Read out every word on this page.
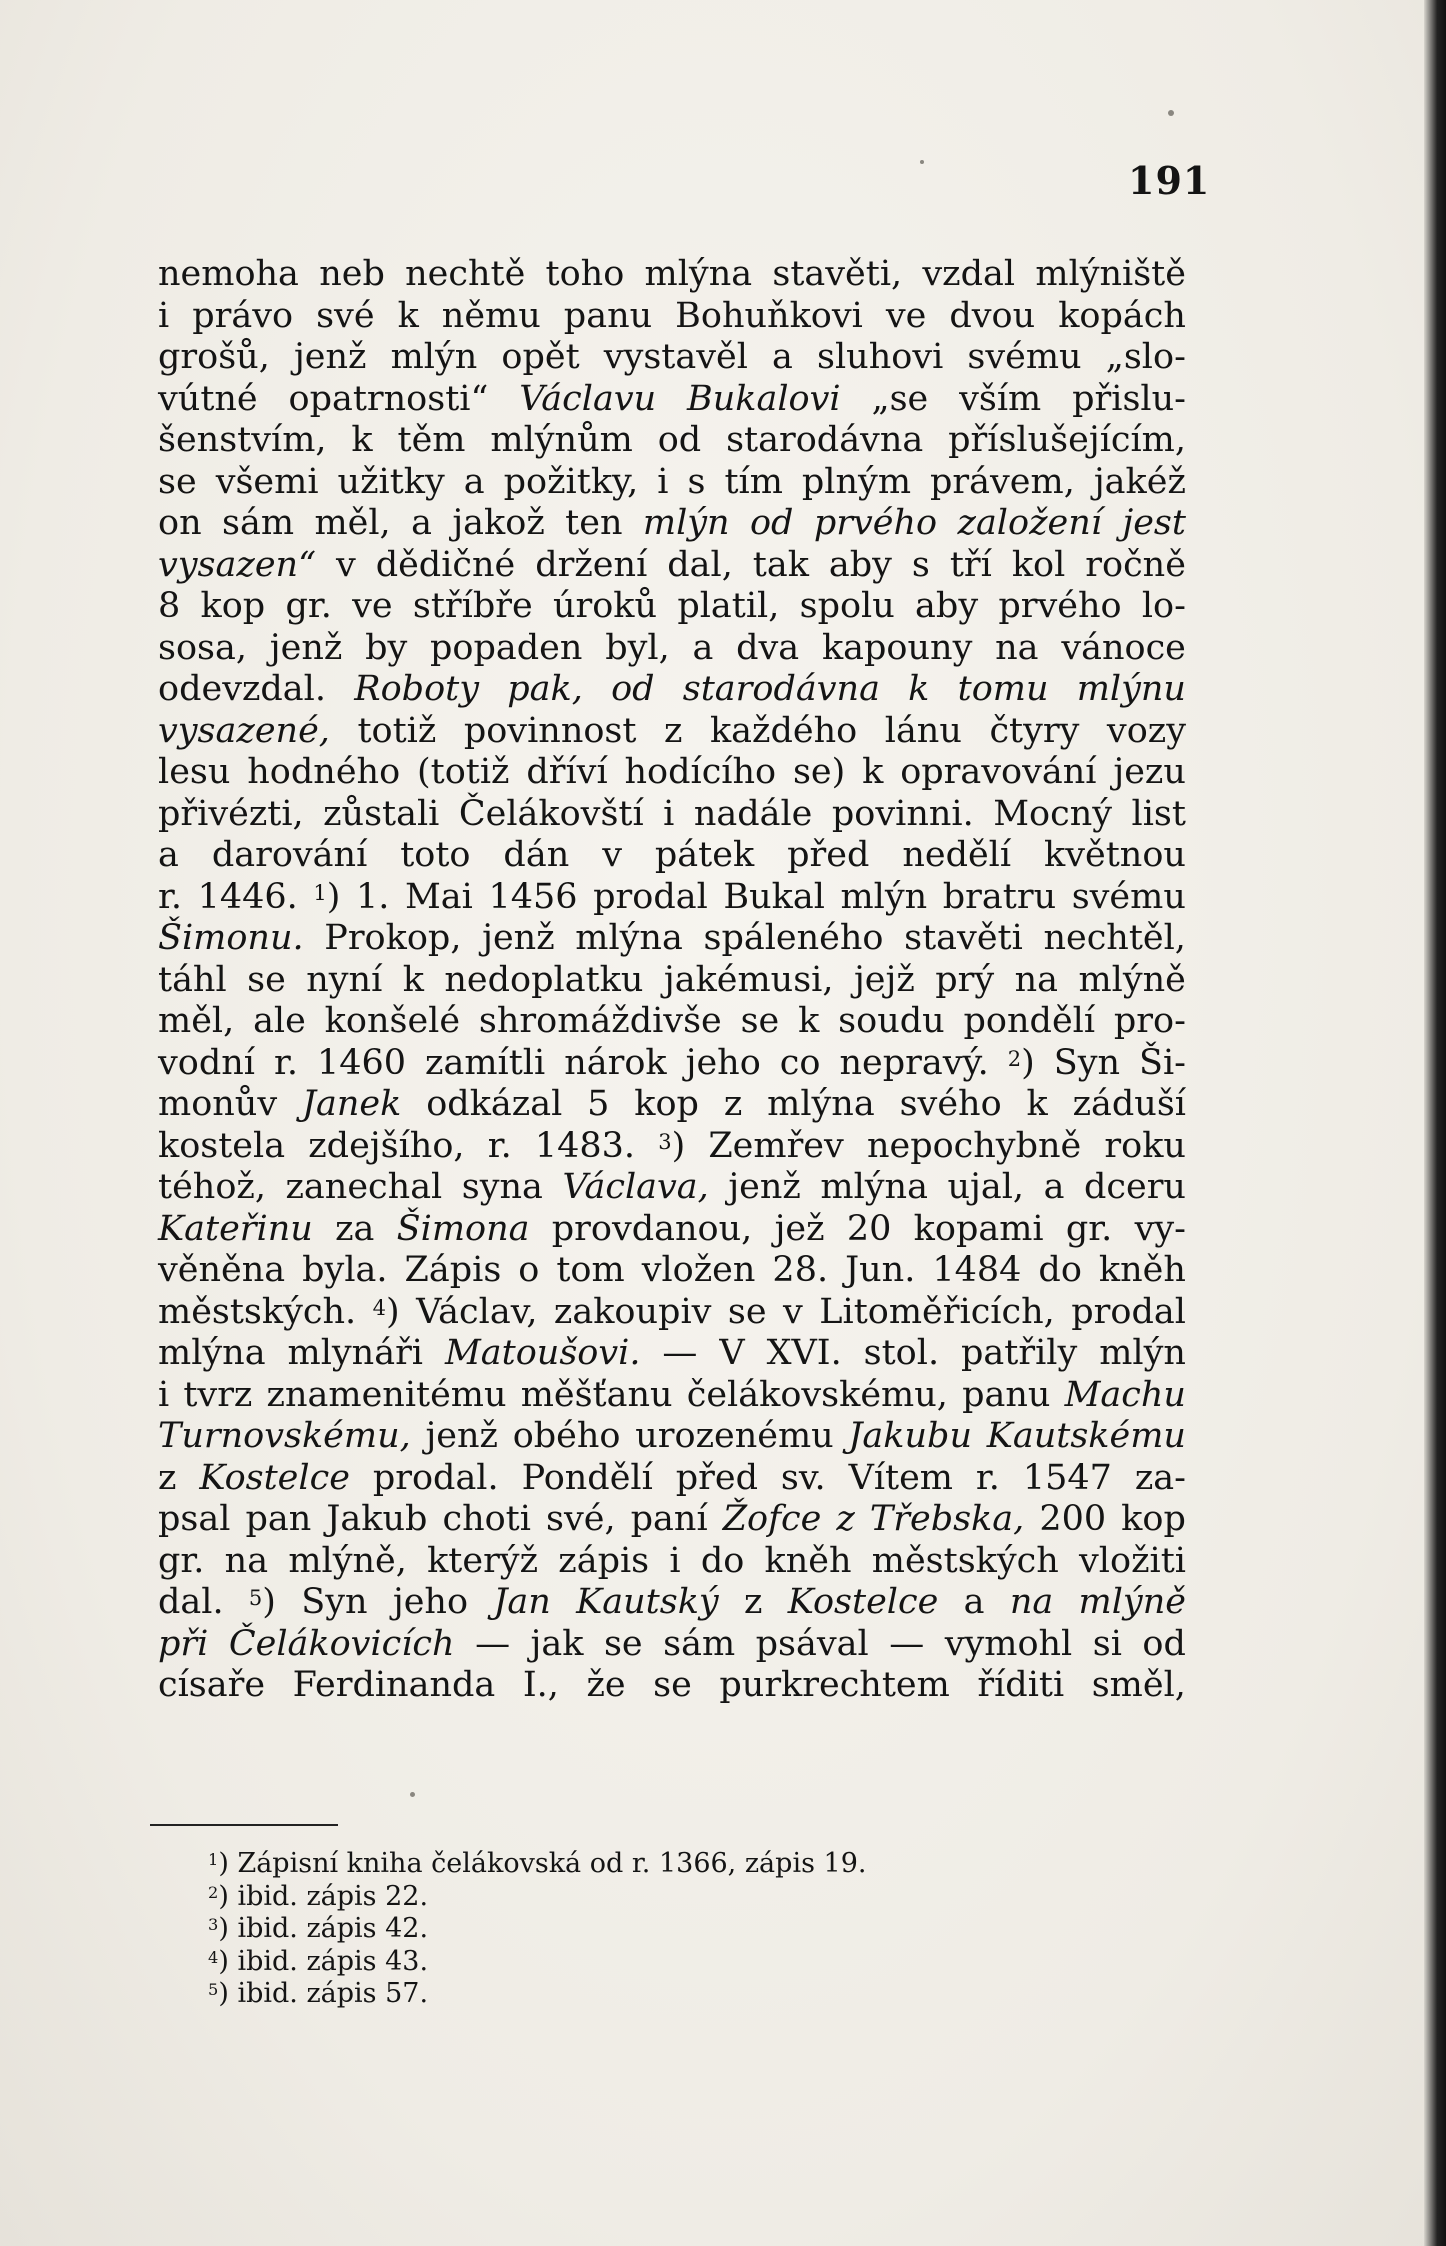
191
nemoha neb nechtě toho mlýna stavěti, vzdal mlýniště
i právo své k němu panu Bohuňkovi ve dvou kopách
grošů, jenž mlýn opět vystavěl a sluhovi svému „slo-
vútné opatrnosti“ Václavu Bukalovi „se vším přislu-
šenstvím, k těm mlýnům od starodávna příslušejícím,
se všemi užitky a požitky, i s tím plným právem, jakéž
on sám měl, a jakož ten mlýn od prvého založení jest
vysazen“ v dědičné držení dal, tak aby s tří kol ročně
8 kop gr. ve stříbře úroků platil, spolu aby prvého lo-
sosa, jenž by popaden byl, a dva kapouny na vánoce
odevzdal. Roboty pak, od starodávna k tomu mlýnu
vysazené, totiž povinnost z každého lánu čtyry vozy
lesu hodného (totiž dříví hodícího se) k opravování jezu
přivézti, zůstali Čelákovští i nadále povinni. Mocný list
a darování toto dán v pátek před nedělí květnou
r. 1446. $^1$) 1. Mai 1456 prodal Bukal mlýn bratru svému
Šimonu. Prokop, jenž mlýna spáleného stavěti nechtěl,
táhl se nyní k nedoplatku jakémusi, jejž prý na mlýně
měl, ale konšelé shromáždivše se k soudu pondělí pro-
vodní r. 1460 zamítli nárok jeho co nepravý. $^2$) Syn Ši-
monův Janek odkázal 5 kop z mlýna svého k záduší
kostela zdejšího, r. 1483. $^3$) Zemřev nepochybně roku
téhož, zanechal syna Václava, jenž mlýna ujal, a dceru
Kateřinu za Šimona provdanou, jež 20 kopami gr. vy-
věněna byla. Zápis o tom vložen 28. Jun. 1484 do kněh
městských. $^4$) Václav, zakoupiv se v Litoměřicích, prodal
mlýna mlynáři Matoušovi. — V XVI. stol. patřily mlýn
i tvrz znamenitému měšťanu čelákovskému, panu Machu
Turnovskému, jenž obého urozenému Jakubu Kautskému
z Kostelce prodal. Pondělí před sv. Vítem r. 1547 za-
psal pan Jakub choti své, paní Žofce z Třebska, 200 kop
gr. na mlýně, kterýž zápis i do kněh městských vložiti
dal. $^5$) Syn jeho Jan Kautský z Kostelce a na mlýně
při Čelákovicích — jak se sám psával — vymohl si od
císaře Ferdinanda I., že se purkrechtem říditi směl,
$^1$) Zápisní kniha čelákovská od r. 1366, zápis 19.
$^2$) ibid. zápis 22.
$^3$) ibid. zápis 42.
$^4$) ibid. zápis 43.
$^5$) ibid. zápis 57.
